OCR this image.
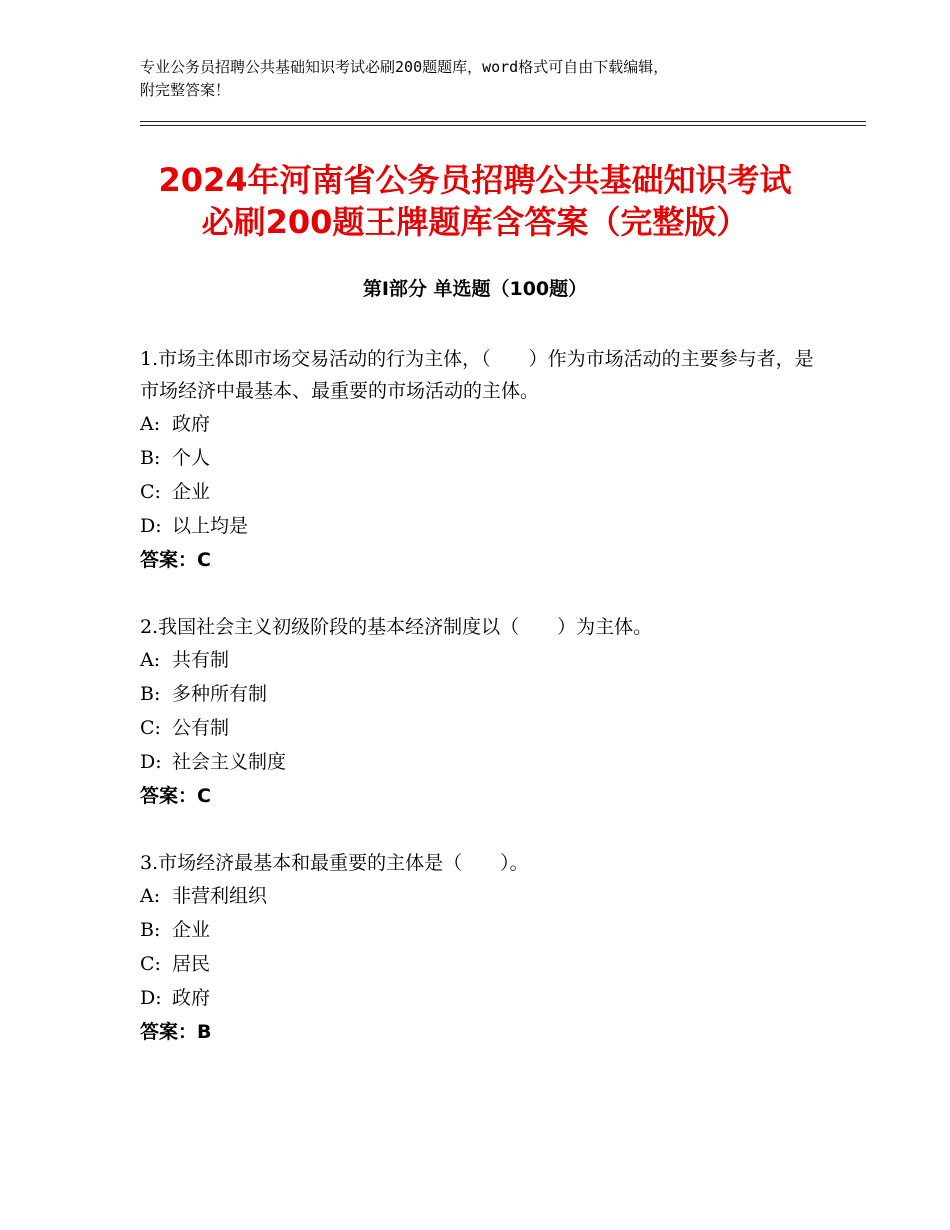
专业公务员招聘公共基础知识考试必刷200题题库，word格式可自由下载编辑，
附完整答案！
2024年河南省公务员招聘公共基础知识考试
必刷200题王牌题库含答案（完整版）
第Ⅰ部分 单选题（100题）

1.市场主体即市场交易活动的行为主体，（　　）作为市场活动的主要参与者，是市场经济中最基本、最重要的市场活动的主体。

A: 政府

B: 个人

C: 企业

D: 以上均是

答案：C

2.我国社会主义初级阶段的基本经济制度以（　　）为主体。

A: 共有制

B: 多种所有制

C: 公有制

D: 社会主义制度

答案：C

3.市场经济最基本和最重要的主体是（　　）。

A: 非营利组织

B: 企业

C: 居民

D: 政府

答案：B
